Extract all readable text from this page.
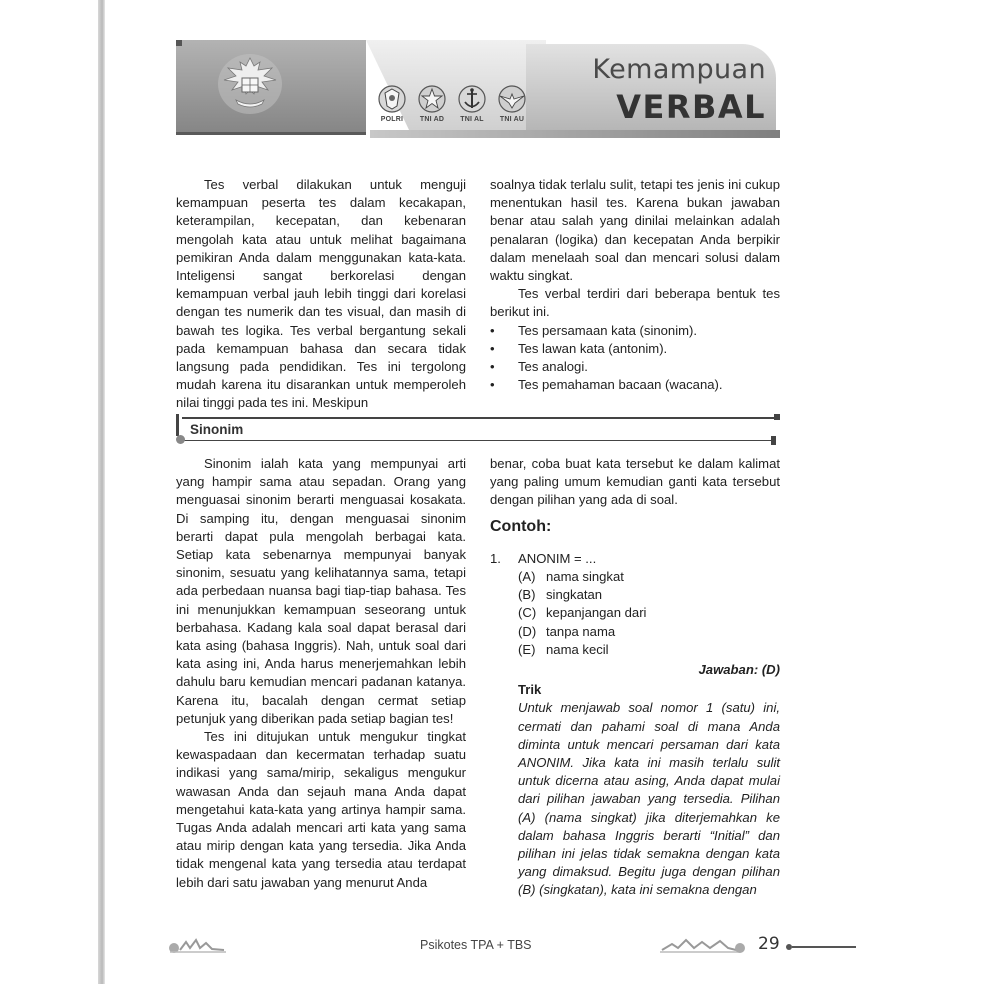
POLRI	TNI AD	TNI AL	TNI AU
Kemampuan
VERBAL

Tes verbal dilakukan untuk menguji kemampuan peserta tes dalam kecakapan, keterampilan, kecepatan, dan kebenaran mengolah kata atau untuk melihat bagaimana pemikiran Anda dalam menggunakan kata-kata. Inteligensi sangat berkorelasi dengan kemampuan verbal jauh lebih tinggi dari korelasi dengan tes numerik dan tes visual, dan masih di bawah tes logika. Tes verbal bergantung sekali pada kemampuan bahasa dan secara tidak langsung pada pendidikan. Tes ini tergolong mudah karena itu disarankan untuk memperoleh nilai tinggi pada tes ini. Meskipun

soalnya tidak terlalu sulit, tetapi tes jenis ini cukup menentukan hasil tes. Karena bukan jawaban benar atau salah yang dinilai melainkan adalah penalaran (logika) dan kecepatan Anda berpikir dalam menelaah soal dan mencari solusi dalam waktu singkat.

Tes verbal terdiri dari beberapa bentuk tes berikut ini.

• Tes persamaan kata (sinonim).
• Tes lawan kata (antonim).
• Tes analogi.
• Tes pemahaman bacaan (wacana).
Sinonim

Sinonim ialah kata yang mempunyai arti yang hampir sama atau sepadan. Orang yang menguasai sinonim berarti menguasai kosakata. Di samping itu, dengan menguasai sinonim berarti dapat pula mengolah berbagai kata. Setiap kata sebenarnya mempunyai banyak sinonim, sesuatu yang kelihatannya sama, tetapi ada perbedaan nuansa bagi tiap-tiap bahasa. Tes ini menunjukkan kemampuan seseorang untuk berbahasa. Kadang kala soal dapat berasal dari kata asing (bahasa Inggris). Nah, untuk soal dari kata asing ini, Anda harus menerjemahkan lebih dahulu baru kemudian mencari padanan katanya. Karena itu, bacalah dengan cermat setiap petunjuk yang diberikan pada setiap bagian tes!

Tes ini ditujukan untuk mengukur tingkat kewaspadaan dan kecermatan terhadap suatu indikasi yang sama/mirip, sekaligus mengukur wawasan Anda dan sejauh mana Anda dapat mengetahui kata-kata yang artinya hampir sama. Tugas Anda adalah mencari arti kata yang sama atau mirip dengan kata yang tersedia. Jika Anda tidak mengenal kata yang tersedia atau terdapat lebih dari satu jawaban yang menurut Anda

benar, coba buat kata tersebut ke dalam kalimat yang paling umum kemudian ganti kata tersebut dengan pilihan yang ada di soal.

Contoh:
1. ANONIM = ...
(A) nama singkat
(B) singkatan
(C) kepanjangan dari
(D) tanpa nama
(E) nama kecil
Jawaban: (D)
Trik

Untuk menjawab soal nomor 1 (satu) ini, cermati dan pahami soal di mana Anda diminta untuk mencari persaman dari kata ANONIM. Jika kata ini masih terlalu sulit untuk dicerna atau asing, Anda dapat mulai dari pilihan jawaban yang tersedia. Pilihan (A) (nama singkat) jika diterjemahkan ke dalam bahasa Inggris berarti “Initial” dan pilihan ini jelas tidak semakna dengan kata yang dimaksud. Begitu juga dengan pilihan (B) (singkatan), kata ini semakna dengan

Psikotes TPA + TBS	29
